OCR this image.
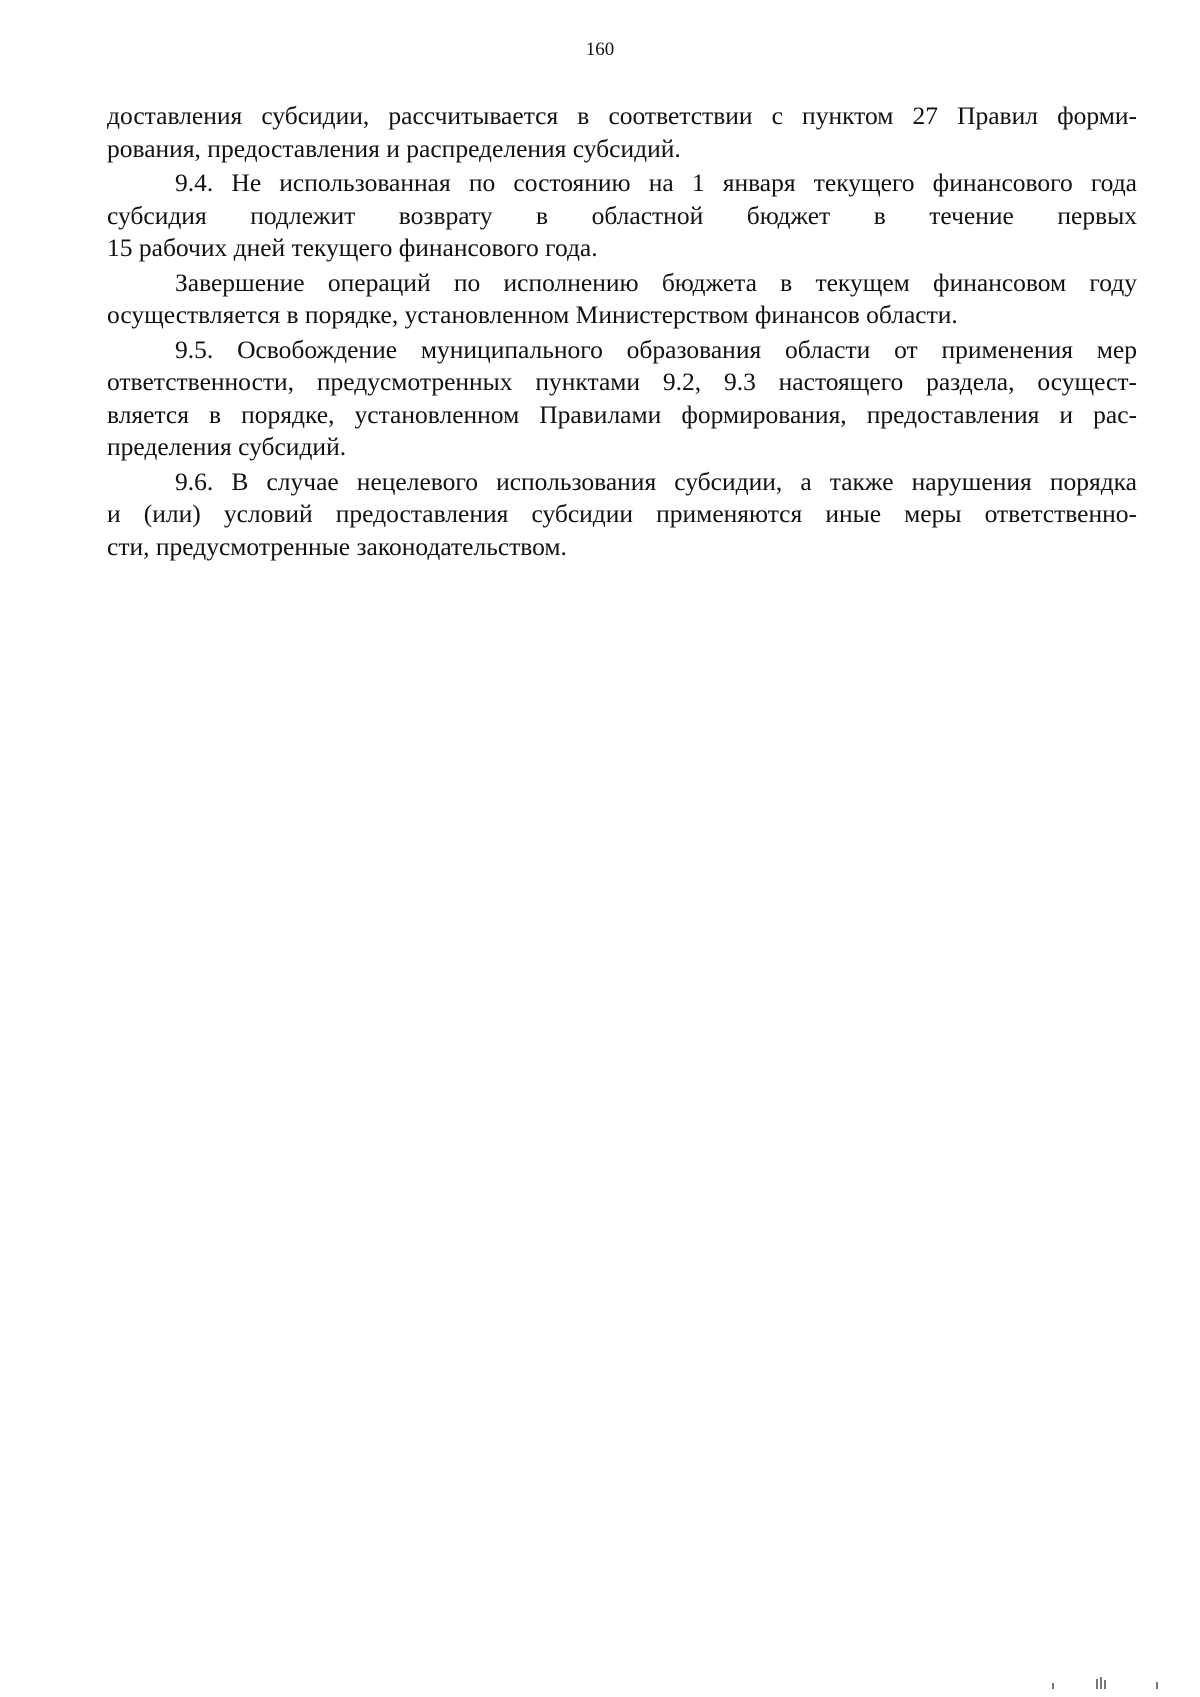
160

доставления субсидии, рассчитывается в соответствии с пунктом 27 Правил форми-
рования, предоставления и распределения субсидий.

9.4. Не использованная по состоянию на 1 января текущего финансового года
субсидия подлежит возврату в областной бюджет в течение первых
15 рабочих дней текущего финансового года.

Завершение операций по исполнению бюджета в текущем финансовом году
осуществляется в порядке, установленном Министерством финансов области.

9.5. Освобождение муниципального образования области от применения мер
ответственности, предусмотренных пунктами 9.2, 9.3 настоящего раздела, осущест-
вляется в порядке, установленном Правилами формирования, предоставления и рас-
пределения субсидий.

9.6. В случае нецелевого использования субсидии, а также нарушения порядка
и (или) условий предоставления субсидии применяются иные меры ответственно-
сти, предусмотренные законодательством.
